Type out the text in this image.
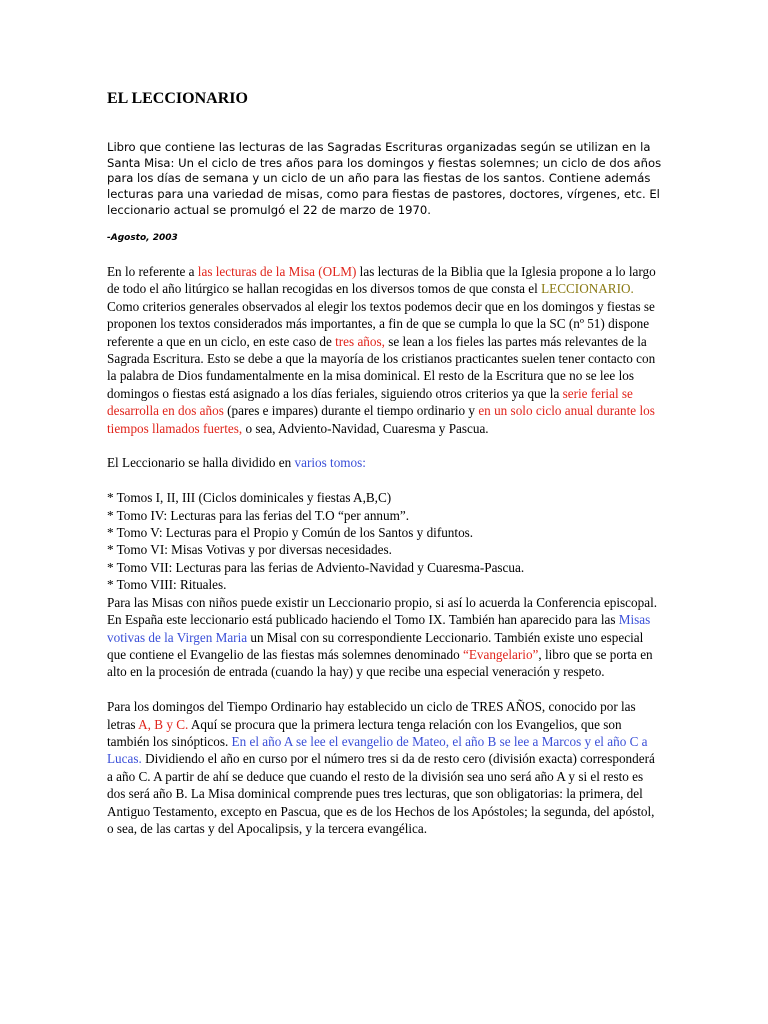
EL LECCIONARIO

Libro que contiene las lecturas de las Sagradas Escrituras organizadas según se utilizan en la Santa Misa: Un el ciclo de tres años para los domingos y fiestas solemnes; un ciclo de dos años para los días de semana y un ciclo de un año para las fiestas de los santos. Contiene además lecturas para una variedad de misas, como para fiestas de pastores, doctores, vírgenes, etc. El leccionario actual se promulgó el 22 de marzo de 1970.

-Agosto, 2003

En lo referente a las lecturas de la Misa (OLM) las lecturas de la Biblia que la Iglesia propone a lo largo de todo el año litúrgico se hallan recogidas en los diversos tomos de que consta el LECCIONARIO.

Como criterios generales observados al elegir los textos podemos decir que en los domingos y fiestas se proponen los textos considerados más importantes, a fin de que se cumpla lo que la SC (nº 51) dispone referente a que en un ciclo, en este caso de tres años, se lean a los fieles las partes más relevantes de la Sagrada Escritura. Esto se debe a que la mayoría de los cristianos practicantes suelen tener contacto con la palabra de Dios fundamentalmente en la misa dominical. El resto de la Escritura que no se lee los domingos o fiestas está asignado a los días feriales, siguiendo otros criterios ya que la serie ferial se desarrolla en dos años (pares e impares) durante el tiempo ordinario y en un solo ciclo anual durante los tiempos llamados fuertes, o sea, Adviento-Navidad, Cuaresma y Pascua.

El Leccionario se halla dividido en varios tomos:

* Tomos I, II, III (Ciclos dominicales y fiestas A,B,C)

* Tomo IV: Lecturas para las ferias del T.O “per annum”.

* Tomo V: Lecturas para el Propio y Común de los Santos y difuntos.

* Tomo VI: Misas Votivas y por diversas necesidades.

* Tomo VII: Lecturas para las ferias de Adviento-Navidad y Cuaresma-Pascua.

* Tomo VIII: Rituales.

Para las Misas con niños puede existir un Leccionario propio, si así lo acuerda la Conferencia episcopal. En España este leccionario está publicado haciendo el Tomo IX. También han aparecido para las Misas votivas de la Virgen Maria un Misal con su correspondiente Leccionario. También existe uno especial que contiene el Evangelio de las fiestas más solemnes denominado “Evangelario”, libro que se porta en alto en la procesión de entrada (cuando la hay) y que recibe una especial veneración y respeto.

Para los domingos del Tiempo Ordinario hay establecido un ciclo de TRES AÑOS, conocido por las letras A, B y C. Aquí se procura que la primera lectura tenga relación con los Evangelios, que son también los sinópticos. En el año A se lee el evangelio de Mateo, el año B se lee a Marcos y el año C a Lucas. Dividiendo el año en curso por el número tres si da de resto cero (división exacta) corresponderá a año C. A partir de ahí se deduce que cuando el resto de la división sea uno será año A y si el resto es dos será año B. La Misa dominical comprende pues tres lecturas, que son obligatorias: la primera, del Antiguo Testamento, excepto en Pascua, que es de los Hechos de los Apóstoles; la segunda, del apóstol, o sea, de las cartas y del Apocalipsis, y la tercera evangélica.
